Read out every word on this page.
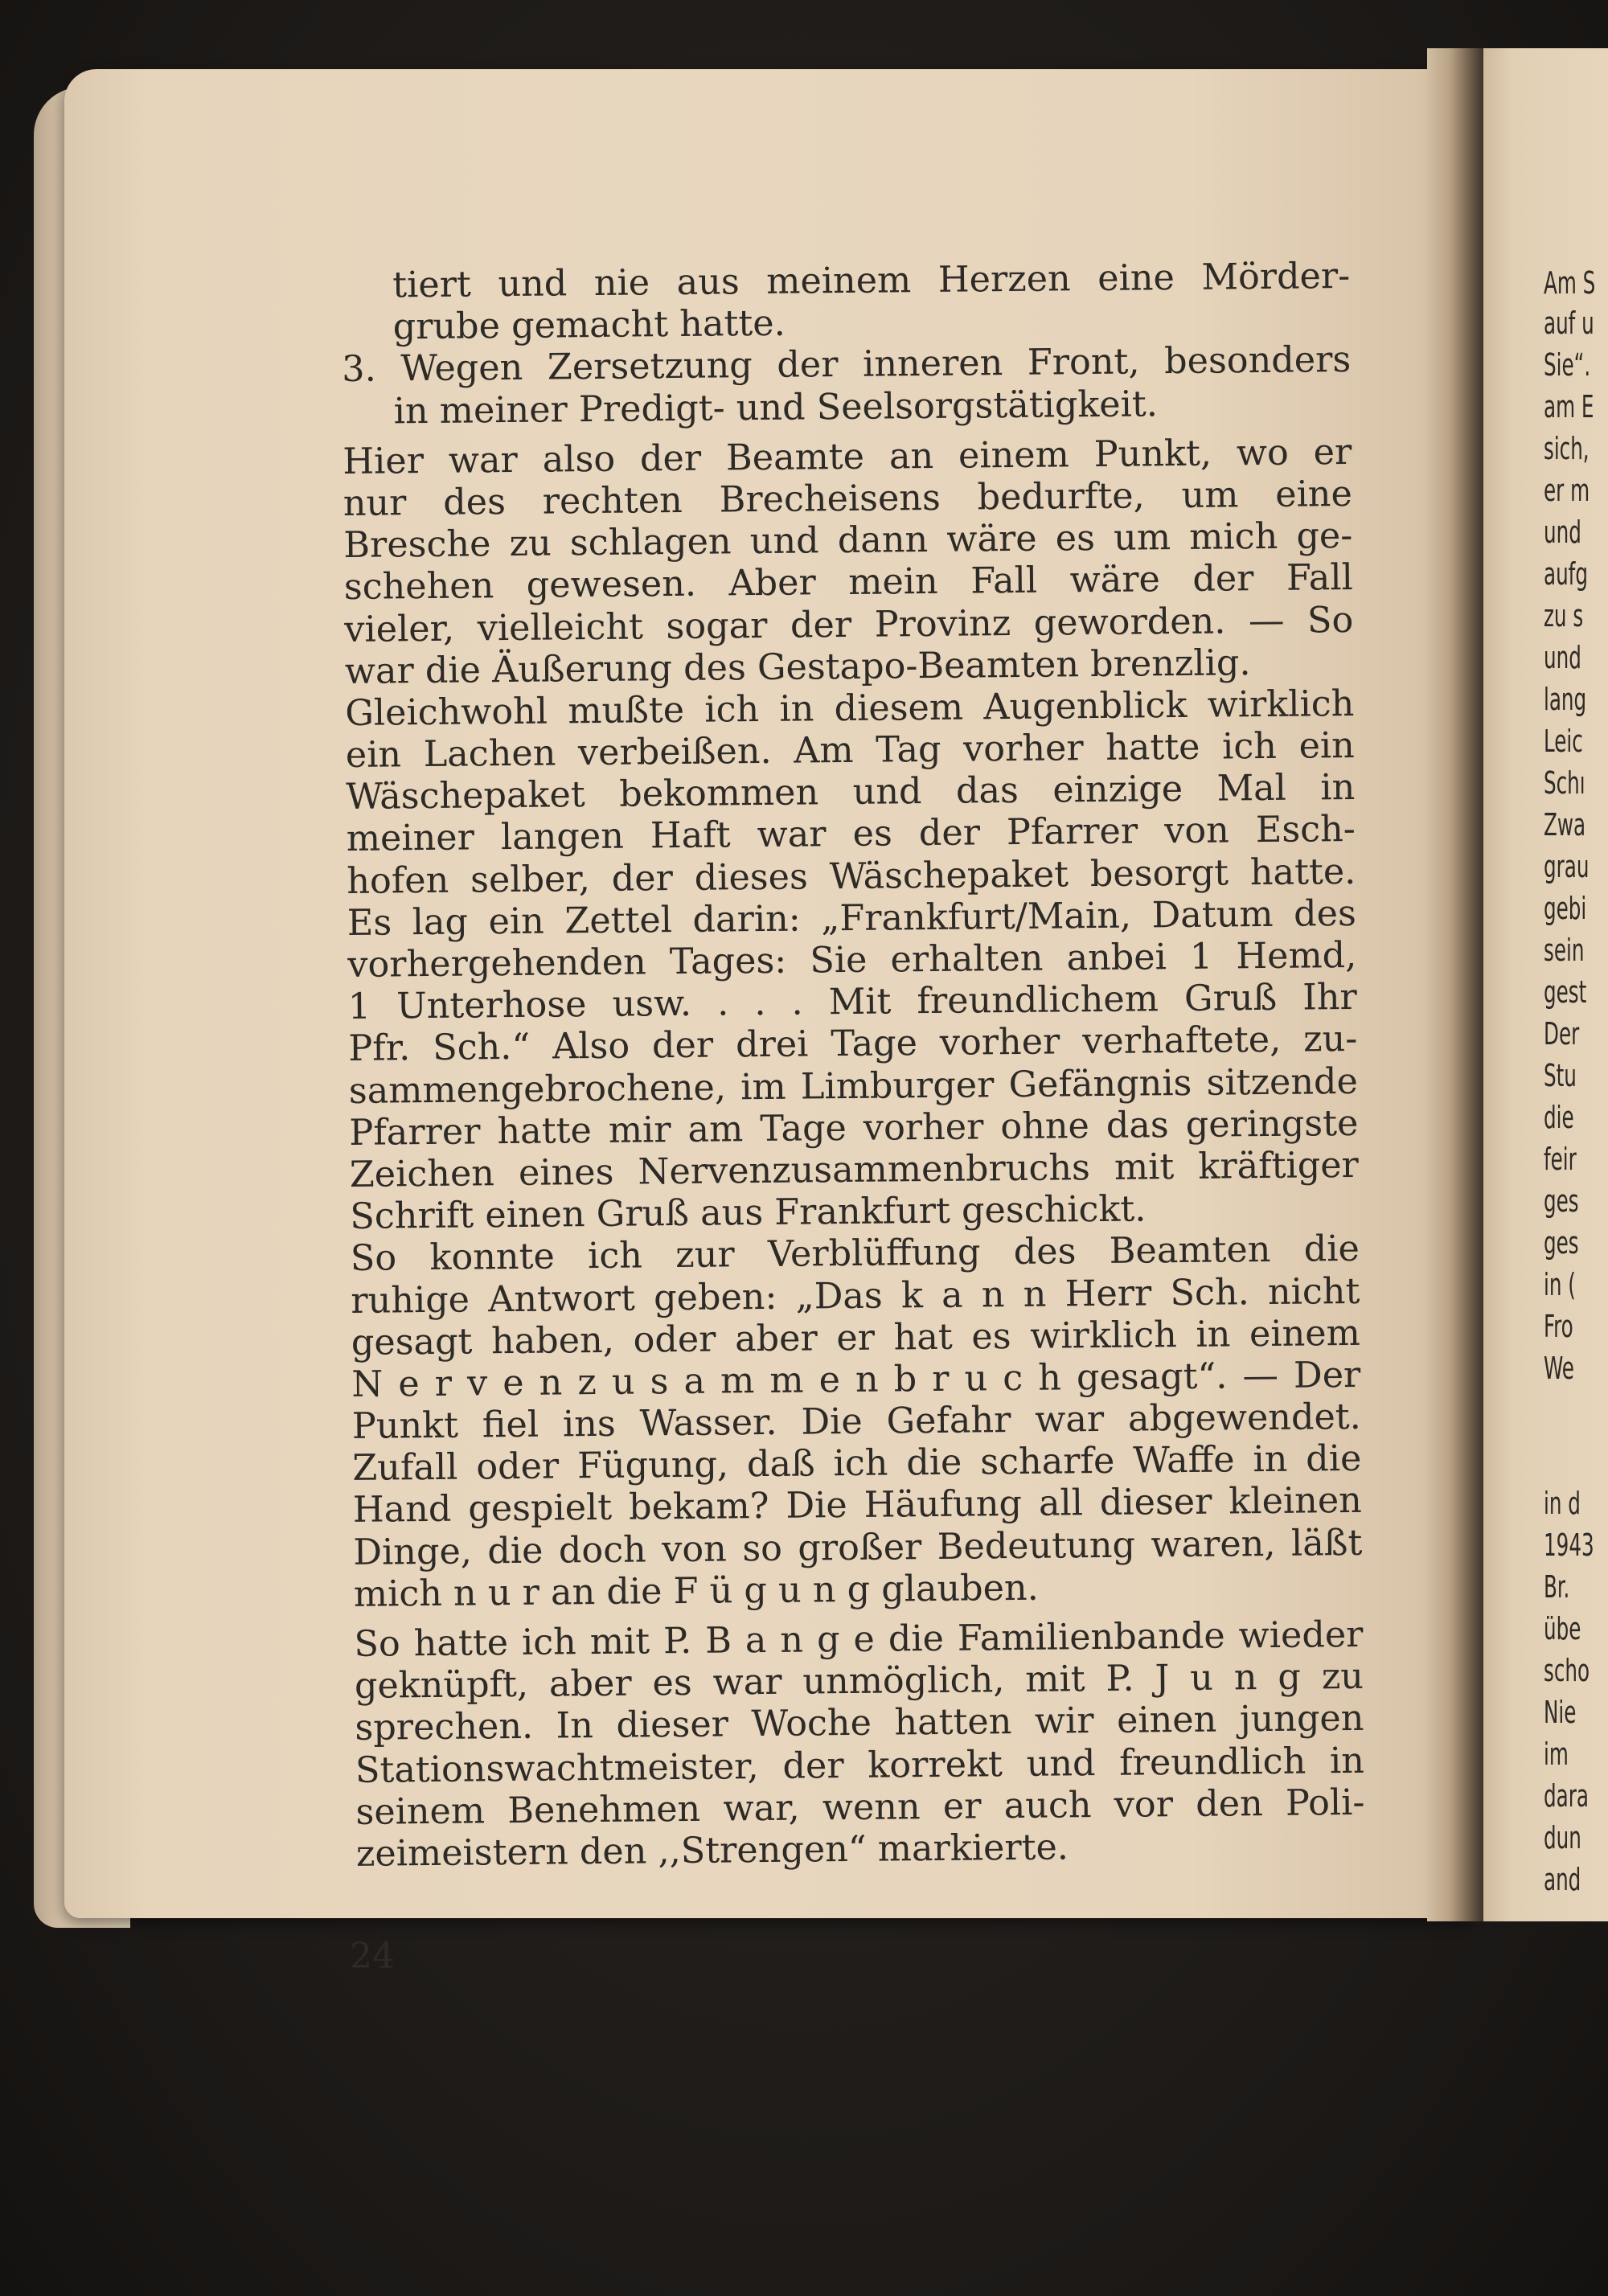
tiert und nie aus meinem Herzen eine Mörder-
grube gemacht hatte.
3. Wegen Zersetzung der inneren Front, besonders
in meiner Predigt- und Seelsorgstätigkeit.
Hier war also der Beamte an einem Punkt, wo er
nur des rechten Brecheisens bedurfte, um eine
Bresche zu schlagen und dann wäre es um mich ge-
schehen gewesen. Aber mein Fall wäre der Fall
vieler, vielleicht sogar der Provinz geworden. — So
war die Äußerung des Gestapo-Beamten brenzlig.
Gleichwohl mußte ich in diesem Augenblick wirklich
ein Lachen verbeißen. Am Tag vorher hatte ich ein
Wäschepaket bekommen und das einzige Mal in
meiner langen Haft war es der Pfarrer von Esch-
hofen selber, der dieses Wäschepaket besorgt hatte.
Es lag ein Zettel darin: „Frankfurt/Main, Datum des
vorhergehenden Tages: Sie erhalten anbei 1 Hemd,
1 Unterhose usw. . . . Mit freundlichem Gruß Ihr
Pfr. Sch.“ Also der drei Tage vorher verhaftete, zu-
sammengebrochene, im Limburger Gefängnis sitzende
Pfarrer hatte mir am Tage vorher ohne das geringste
Zeichen eines Nervenzusammenbruchs mit kräftiger
Schrift einen Gruß aus Frankfurt geschickt.
So konnte ich zur Verblüffung des Beamten die
ruhige Antwort geben: „Das k a n n Herr Sch. nicht
gesagt haben, oder aber er hat es wirklich in einem
N e r v e n z u s a m m e n b r u c h gesagt“. — Der
Punkt fiel ins Wasser. Die Gefahr war abgewendet.
Zufall oder Fügung, daß ich die scharfe Waffe in die
Hand gespielt bekam? Die Häufung all dieser kleinen
Dinge, die doch von so großer Bedeutung waren, läßt
mich n u r an die F ü g u n g glauben.
So hatte ich mit P. B a n g e die Familienbande wieder
geknüpft, aber es war unmöglich, mit P. J u n g zu
sprechen. In dieser Woche hatten wir einen jungen
Stationswachtmeister, der korrekt und freundlich in
seinem Benehmen war, wenn er auch vor den Poli-
zeimeistern den ,,Strengen“ markierte.
24
Am S
auf u
Sie“.
am E
sich,
er m
und
aufg
zu s
und
lang
Leic
Schı
Zwa
grau
gebi
sein
gest
Der
Stu
die
feir
ges
ges
in (
Fro
We
in d
1943
Br.
übe
scho
Nie
im
dara
dun
and
